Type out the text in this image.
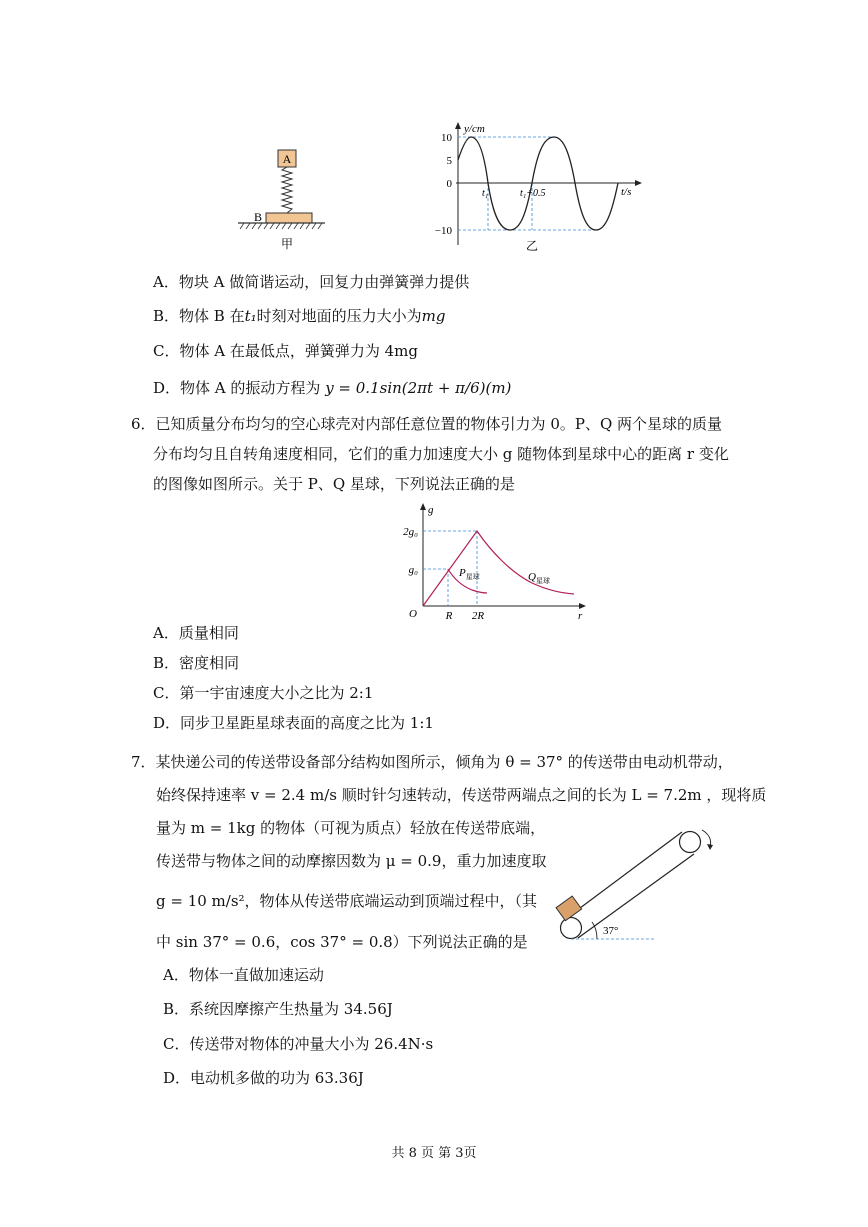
A
B
甲
y/cm
10
5
0
−10
t₁	t₁+0.5	t/s
乙
A．物块 A 做简谐运动，回复力由弹簧弹力提供
B．物体 B 在t₁时刻对地面的压力大小为mg
C．物体 A 在最低点，弹簧弹力为 4mg
D．物体 A 的振动方程为 y = 0.1sin(2πt + π/6)(m)
6．已知质量分布均匀的空心球壳对内部任意位置的物体引力为 0。P、Q 两个星球的质量
分布均匀且自转角速度相同，它们的重力加速度大小 g 随物体到星球中心的距离 r 变化
的图像如图所示。关于 P、Q 星球，下列说法正确的是
g
2g₀
g₀
O	r
R 2R
$P_{星球}$	$Q_{星球}$
A．质量相同
B．密度相同
C．第一宇宙速度大小之比为 2:1
D．同步卫星距星球表面的高度之比为 1:1
7．某快递公司的传送带设备部分结构如图所示，倾角为 θ = 37° 的传送带由电动机带动，
始终保持速率 v = 2.4 m/s 顺时针匀速转动，传送带两端点之间的长为 L = 7.2m ，现将质
量为 m = 1kg 的物体（可视为质点）轻放在传送带底端，
传送带与物体之间的动摩擦因数为 μ = 0.9，重力加速度取
g = 10 m/s²，物体从传送带底端运动到顶端过程中，（其
中 sin 37° = 0.6，cos 37° = 0.8）下列说法正确的是
37°
A．物体一直做加速运动
B．系统因摩擦产生热量为 34.56J
C．传送带对物体的冲量大小为 26.4N·s
D．电动机多做的功为 63.36J
共 8 页 第 3页
